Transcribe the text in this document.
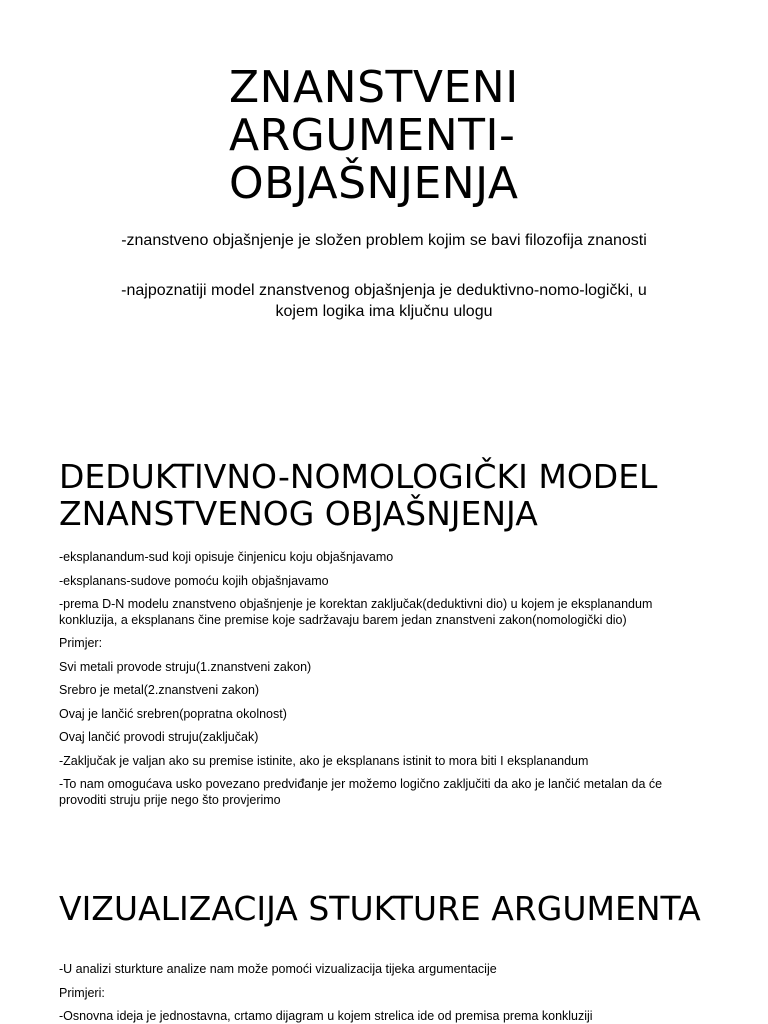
ZNANSTVENI ARGUMENTI-OBJAŠNJENJA

-znanstveno objašnjenje je složen problem kojim se bavi filozofija znanosti

-najpoznatiji model znanstvenog objašnjenja je deduktivno-nomo-logički, u kojem logika ima ključnu ulogu

DEDUKTIVNO-NOMOLOGIČKI MODEL ZNANSTVENOG OBJAŠNJENJA
-eksplanandum-sud koji opisuje činjenicu koju objašnjavamo
-eksplanans-sudove pomoću kojih objašnjavamo
-prema D-N modelu znanstveno objašnjenje je korektan zaključak(deduktivni dio) u kojem je eksplanandum konkluzija, a eksplanans čine premise koje sadržavaju barem jedan znanstveni zakon(nomologički dio)
Primjer:
Svi metali provode struju(1.znanstveni zakon)
Srebro je metal(2.znanstveni zakon)
Ovaj je lančić srebren(popratna okolnost)
Ovaj lančić provodi struju(zaključak)
-Zaključak je valjan ako su premise istinite, ako je eksplanans istinit to mora biti I eksplanandum
-To nam omogućava usko povezano predviđanje jer možemo logično zaključiti da ako je lančić metalan da će provoditi struju prije nego što provjerimo
VIZUALIZACIJA STUKTURE ARGUMENTA
-U analizi sturkture analize nam može pomoći vizualizacija tijeka argumentacije
Primjeri:
-Osnovna ideja je jednostavna, crtamo dijagram u kojem strelica ide od premisa prema konkluziji
